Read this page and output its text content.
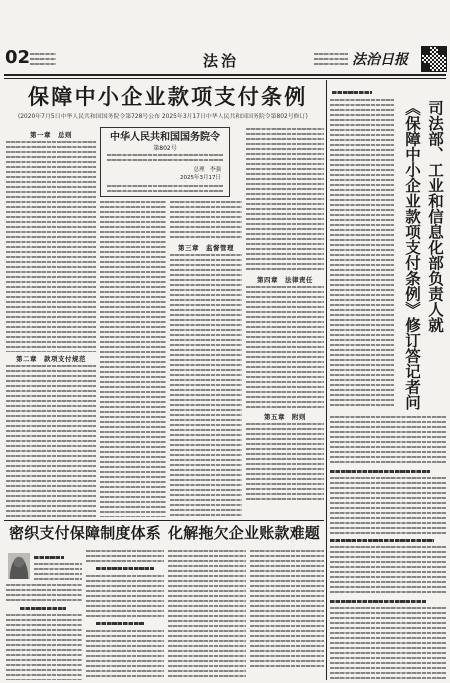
02	法治	法治日报
保障中小企业款项支付条例
(2020年7月5日中华人民共和国国务院令第728号公布 2025年3月17日中华人民共和国国务院令第802号修订)
中华人民共和国国务院令
第802号
总理　李强
2025年3月17日
第一章　总则
第二章　款项支付规范
第三章　监督管理
第四章　法律责任
第五章　附则
密织支付保障制度体系 化解拖欠企业账款难题
司法部、工业和信息化部负责人就
《保障中小企业款项支付条例》修订答记者问
